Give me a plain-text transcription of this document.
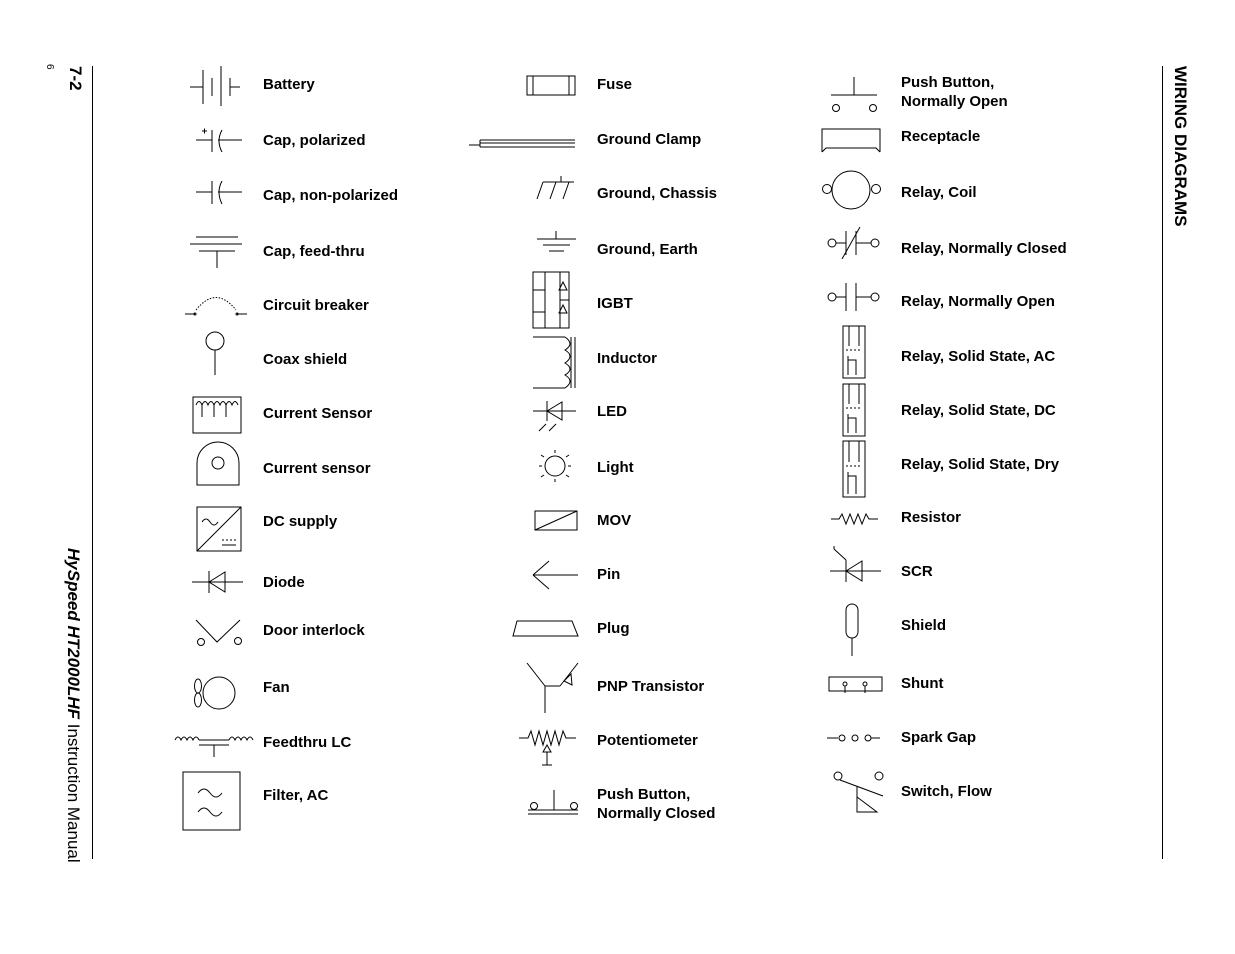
7-2
6
HySpeed HT2000LHF Instruction Manual
WIRING DIAGRAMS
Battery
Cap, polarized
Cap, non-polarized
Cap, feed-thru
Circuit breaker
Coax shield
Current Sensor
Current sensor
DC supply
Diode
Door interlock
Fan
Feedthru LC
Filter, AC
Fuse
Ground Clamp
Ground, Chassis
Ground, Earth
IGBT
Inductor
LED
Light
MOV
Pin
Plug
PNP Transistor
Potentiometer
Push Button,
Normally Closed
Push Button,
Normally Open
Receptacle
Relay, Coil
Relay, Normally Closed
Relay, Normally Open
Relay, Solid State, AC
Relay, Solid State, DC
Relay, Solid State, Dry
Resistor
SCR
Shield
Shunt
Spark Gap
Switch, Flow
